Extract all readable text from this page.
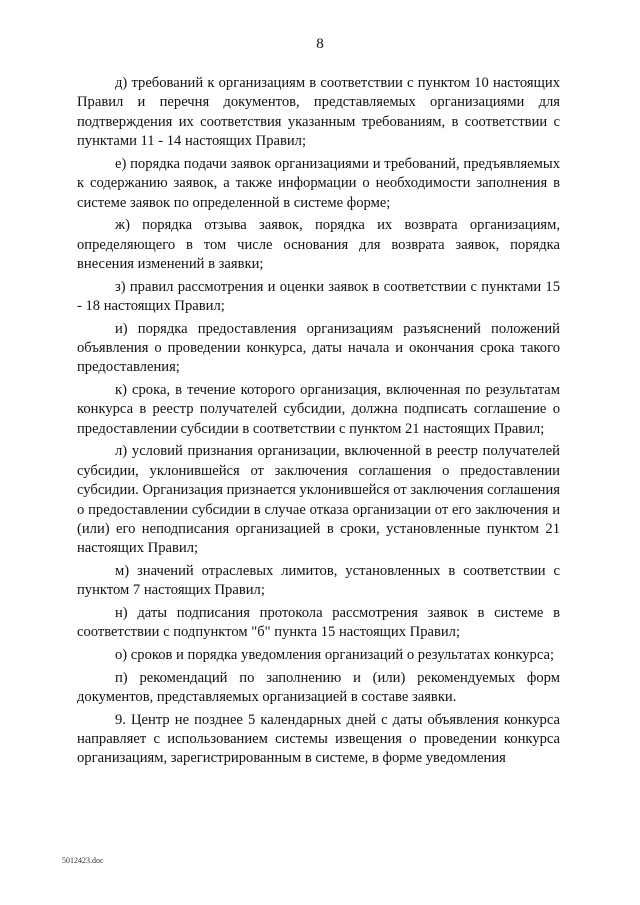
8

д) требований к организациям в соответствии с пунктом 10 настоящих Правил и перечня документов, представляемых организациями для подтверждения их соответствия указанным требованиям, в соответствии с пунктами 11 - 14 настоящих Правил;

е) порядка подачи заявок организациями и требований, предъявляемых к содержанию заявок, а также информации о необходимости заполнения в системе заявок по определенной в системе форме;

ж) порядка отзыва заявок, порядка их возврата организациям, определяющего в том числе основания для возврата заявок, порядка внесения изменений в заявки;

з) правил рассмотрения и оценки заявок в соответствии с пунктами 15 - 18 настоящих Правил;

и) порядка предоставления организациям разъяснений положений объявления о проведении конкурса, даты начала и окончания срока такого предоставления;

к) срока, в течение которого организация, включенная по результатам конкурса в реестр получателей субсидии, должна подписать соглашение о предоставлении субсидии в соответствии с пунктом 21 настоящих Правил;

л) условий признания организации, включенной в реестр получателей субсидии, уклонившейся от заключения соглашения о предоставлении субсидии. Организация признается уклонившейся от заключения соглашения о предоставлении субсидии в случае отказа организации от его заключения и (или) его неподписания организацией в сроки, установленные пунктом 21 настоящих Правил;

м) значений отраслевых лимитов, установленных в соответствии с пунктом 7 настоящих Правил;

н) даты подписания протокола рассмотрения заявок в системе в соответствии с подпунктом "б" пункта 15 настоящих Правил;

о) сроков и порядка уведомления организаций о результатах конкурса;

п) рекомендаций по заполнению и (или) рекомендуемых форм документов, представляемых организацией в составе заявки.

9. Центр не позднее 5 календарных дней с даты объявления конкурса направляет с использованием системы извещения о проведении конкурса организациям, зарегистрированным в системе, в форме уведомления

5012423.doc
